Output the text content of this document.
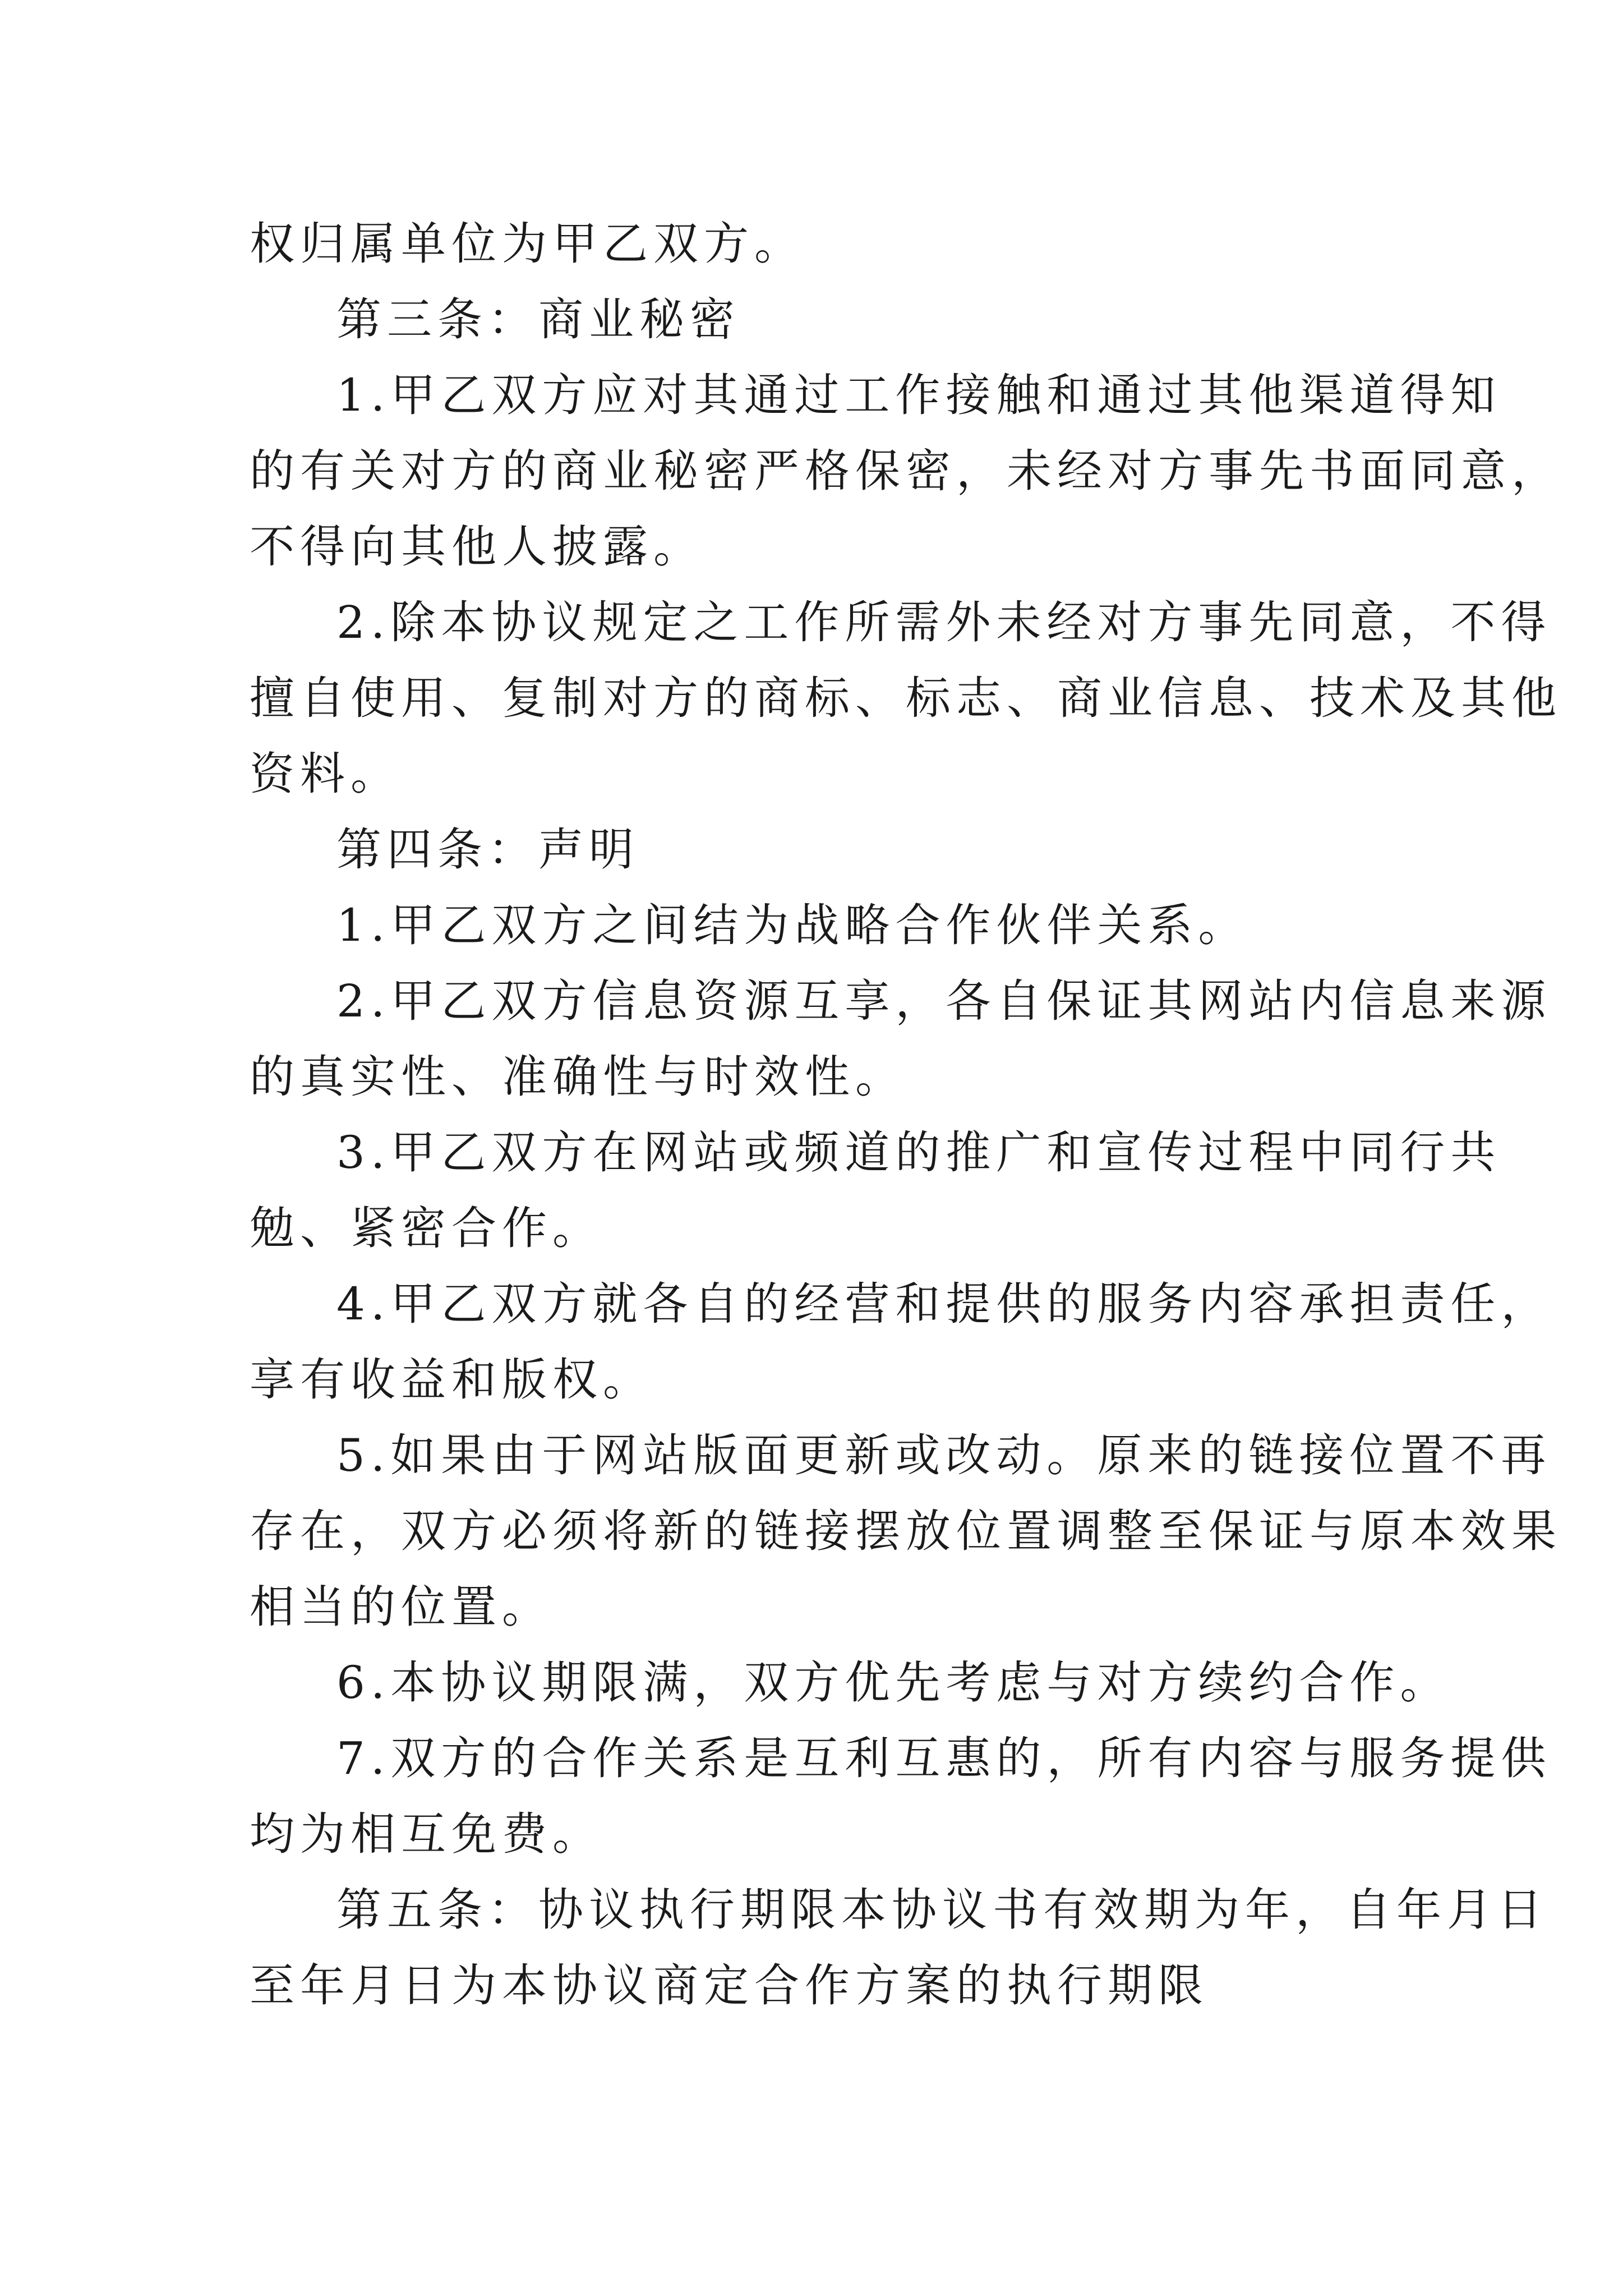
权归属单位为甲乙双方。
第三条：商业秘密
1.甲乙双方应对其通过工作接触和通过其他渠道得知
的有关对方的商业秘密严格保密，未经对方事先书面同意，
不得向其他人披露。
2.除本协议规定之工作所需外未经对方事先同意，不得
擅自使用、复制对方的商标、标志、商业信息、技术及其他
资料。
第四条：声明
1.甲乙双方之间结为战略合作伙伴关系。
2.甲乙双方信息资源互享，各自保证其网站内信息来源
的真实性、准确性与时效性。
3.甲乙双方在网站或频道的推广和宣传过程中同行共
勉、紧密合作。
4.甲乙双方就各自的经营和提供的服务内容承担责任，
享有收益和版权。
5.如果由于网站版面更新或改动。原来的链接位置不再
存在，双方必须将新的链接摆放位置调整至保证与原本效果
相当的位置。
6.本协议期限满，双方优先考虑与对方续约合作。
7.双方的合作关系是互利互惠的，所有内容与服务提供
均为相互免费。
第五条：协议执行期限本协议书有效期为年，自年月日
至年月日为本协议商定合作方案的执行期限
